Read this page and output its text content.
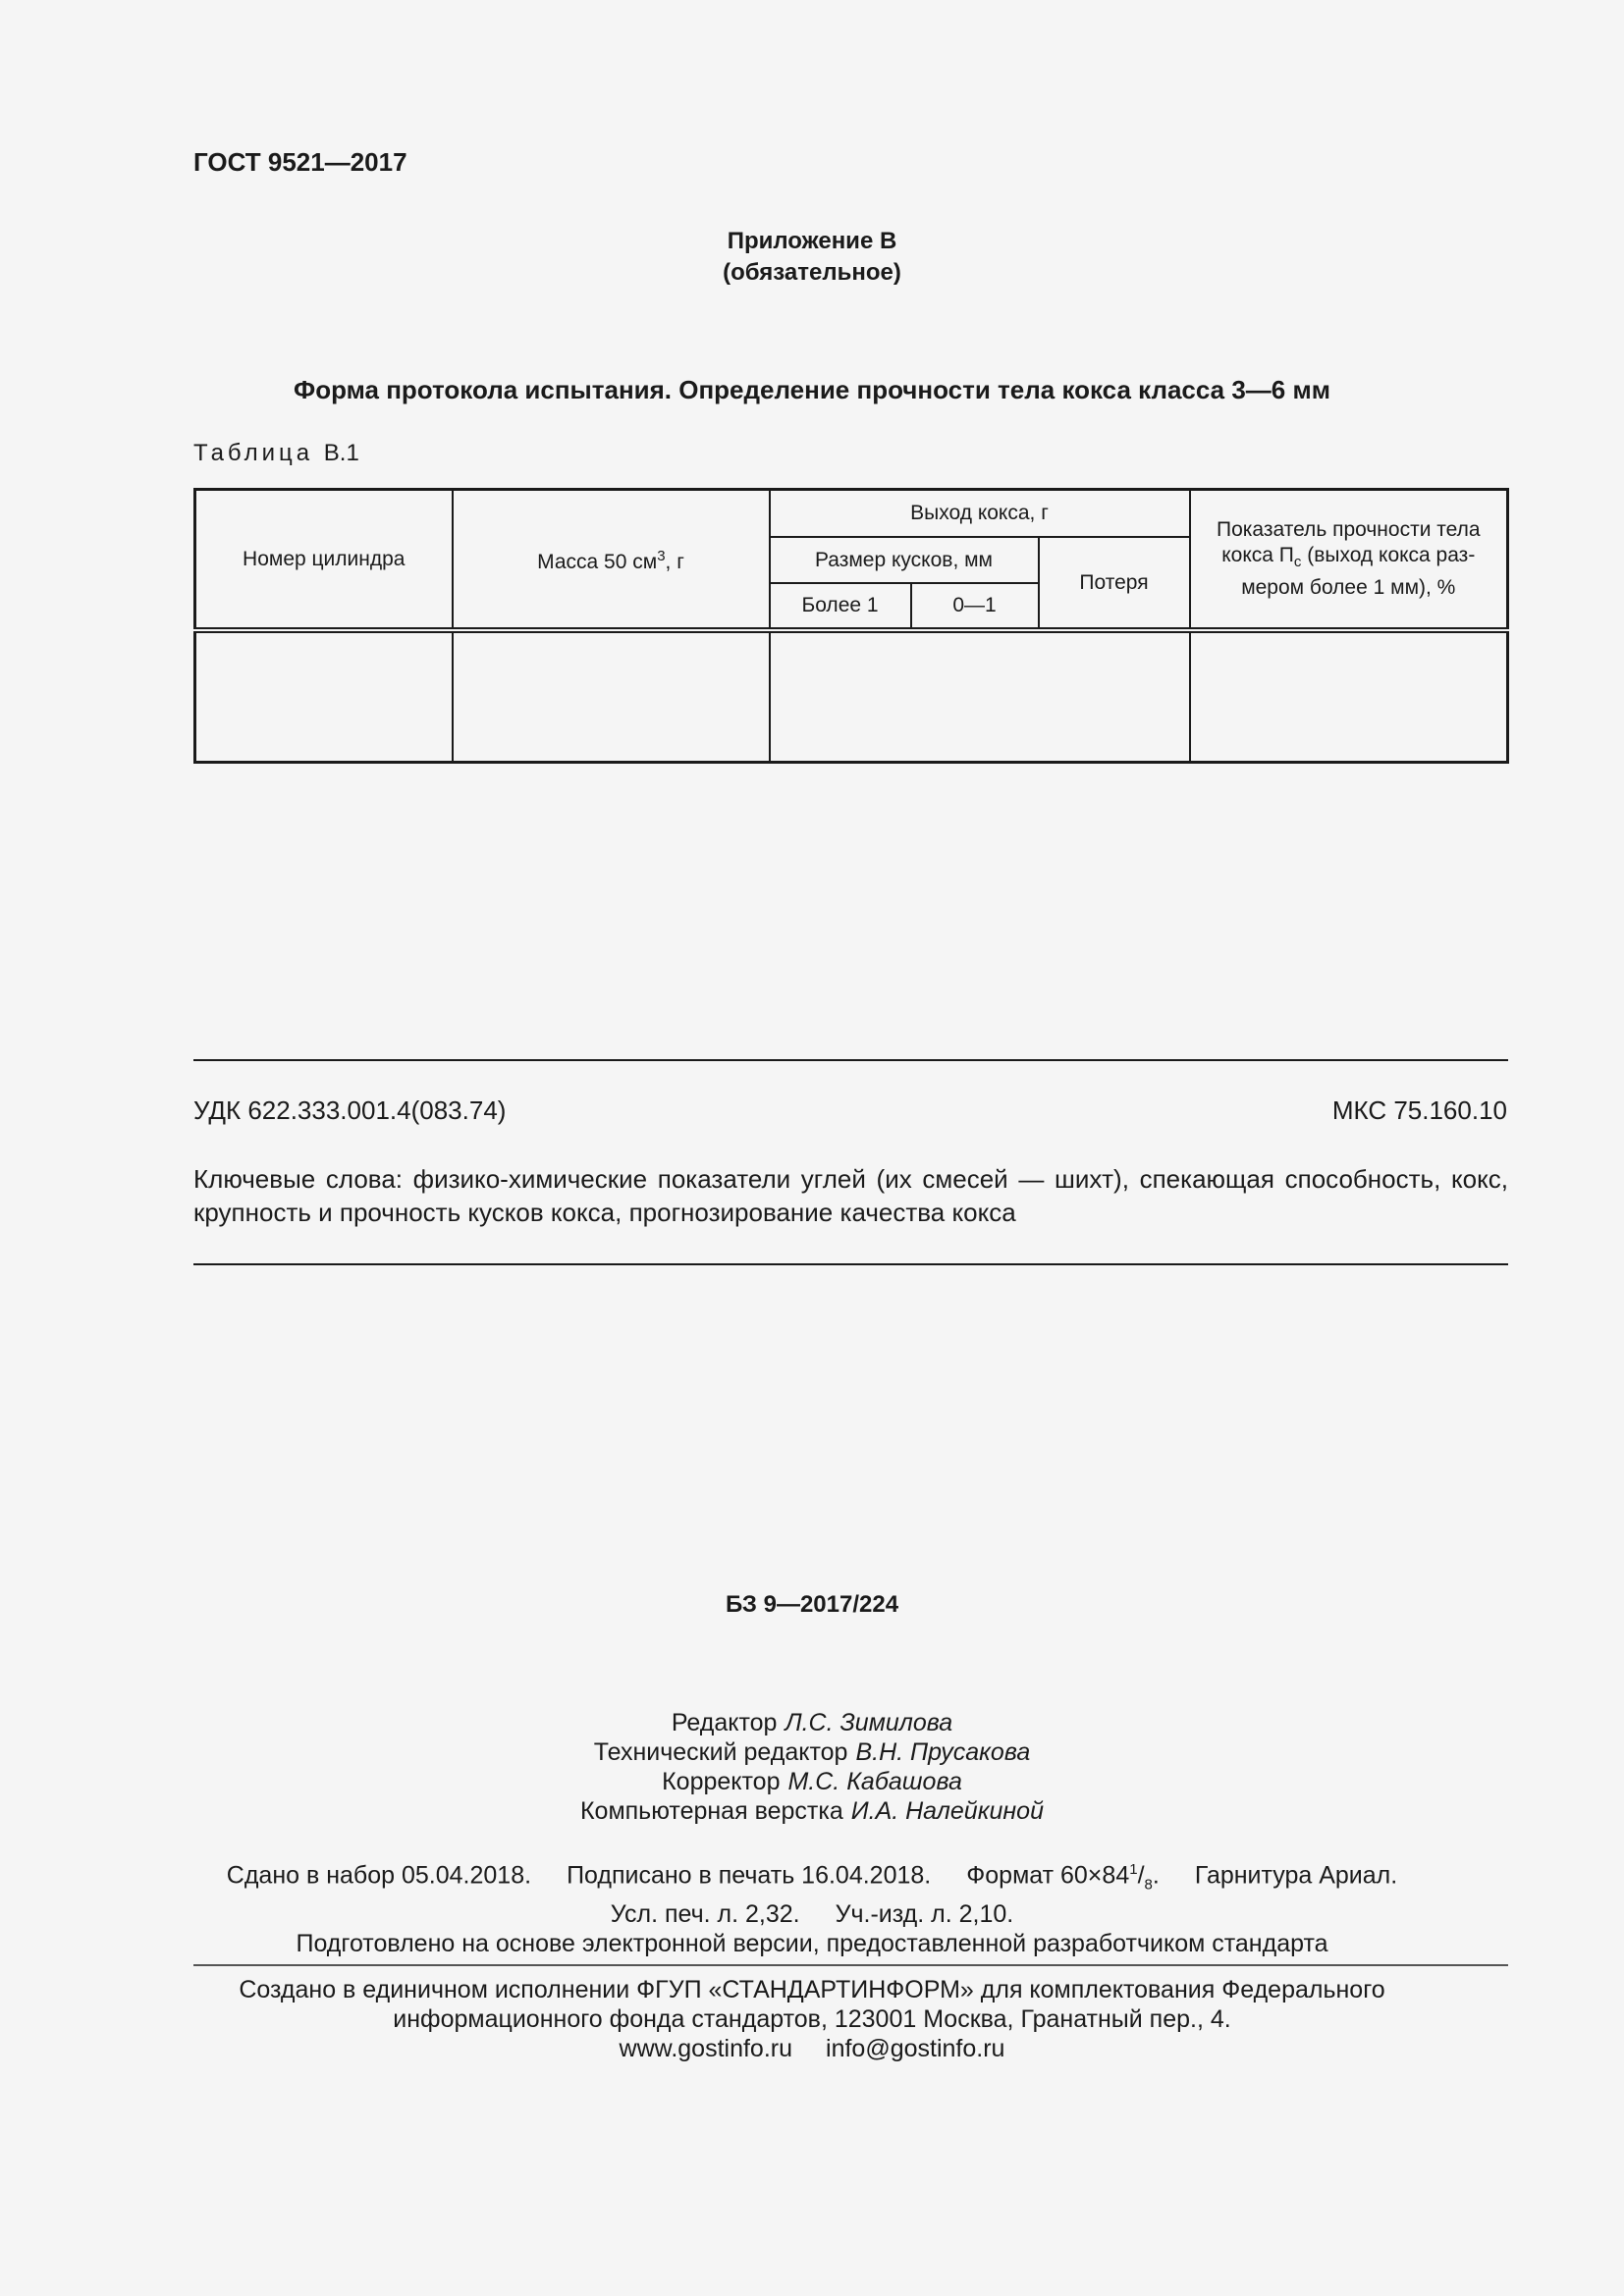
ГОСТ 9521—2017
Приложение В
(обязательное)
Форма протокола испытания. Определение прочности тела кокса класса 3—6 мм
Таблица В.1
Номер цилиндра	Масса 50 $см^3$, г	Выход кокса, г			Показатель прочности тела кокса $П_с$ (выход кокса раз-мером более 1 мм), %
		Размер кусков, мм		Потеря	
		Более 1	0—1		

УДК 622.333.001.4(083.74)	МКС 75.160.10
Ключевые слова: физико-химические показатели углей (их смесей — шихт), спекающая способность, кокс, крупность и прочность кусков кокса, прогнозирование качества кокса
БЗ 9—2017/224
Редактор Л.С. Зимилова
Технический редактор В.Н. Прусакова
Корректор М.С. Кабашова
Компьютерная верстка И.А. Налейкиной
Сдано в набор 05.04.2018. Подписано в печать 16.04.2018. Формат $60\times 84^1/_8$. Гарнитура Ариал.
Усл. печ. л. 2,32. Уч.-изд. л. 2,10.
Подготовлено на основе электронной версии, предоставленной разработчиком стандарта
Создано в единичном исполнении ФГУП «СТАНДАРТИНФОРМ» для комплектования Федерального
информационного фонда стандартов, 123001 Москва, Гранатный пер., 4.
www.gostinfo.ru info@gostinfo.ru
